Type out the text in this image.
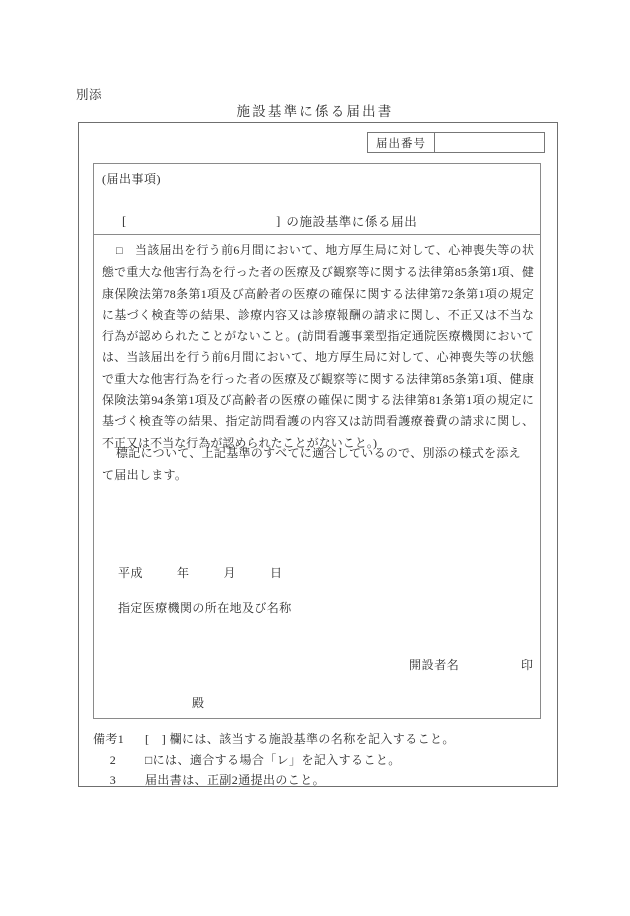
別添
施設基準に係る届出書
届出番号
(届出事項)
[	] の施設基準に係る届出
□ 当該届出を行う前6月間において、地方厚生局に対して、心神喪失等の状態で重大な他害行為を行った者の医療及び観察等に関する法律第85条第1項、健康保険法第78条第1項及び高齢者の医療の確保に関する法律第72条第1項の規定に基づく検査等の結果、診療内容又は診療報酬の請求に関し、不正又は不当な行為が認められたことがないこと。(訪問看護事業型指定通院医療機関においては、当該届出を行う前6月間において、地方厚生局に対して、心神喪失等の状態で重大な他害行為を行った者の医療及び観察等に関する法律第85条第1項、健康保険法第94条第1項及び高齢者の医療の確保に関する法律第81条第1項の規定に基づく検査等の結果、指定訪問看護の内容又は訪問看護療養費の請求に関し、不正又は不当な行為が認められたことがないこと。)
標記について、上記基準のすべてに適合しているので、別添の様式を添えて届出します。
平成	年	月	日
指定医療機関の所在地及び名称
開設者名	印
殿
備考1	[　] 欄には、該当する施設基準の名称を記入すること。
2	□には、適合する場合「レ」を記入すること。
3	届出書は、正副2通提出のこと。
